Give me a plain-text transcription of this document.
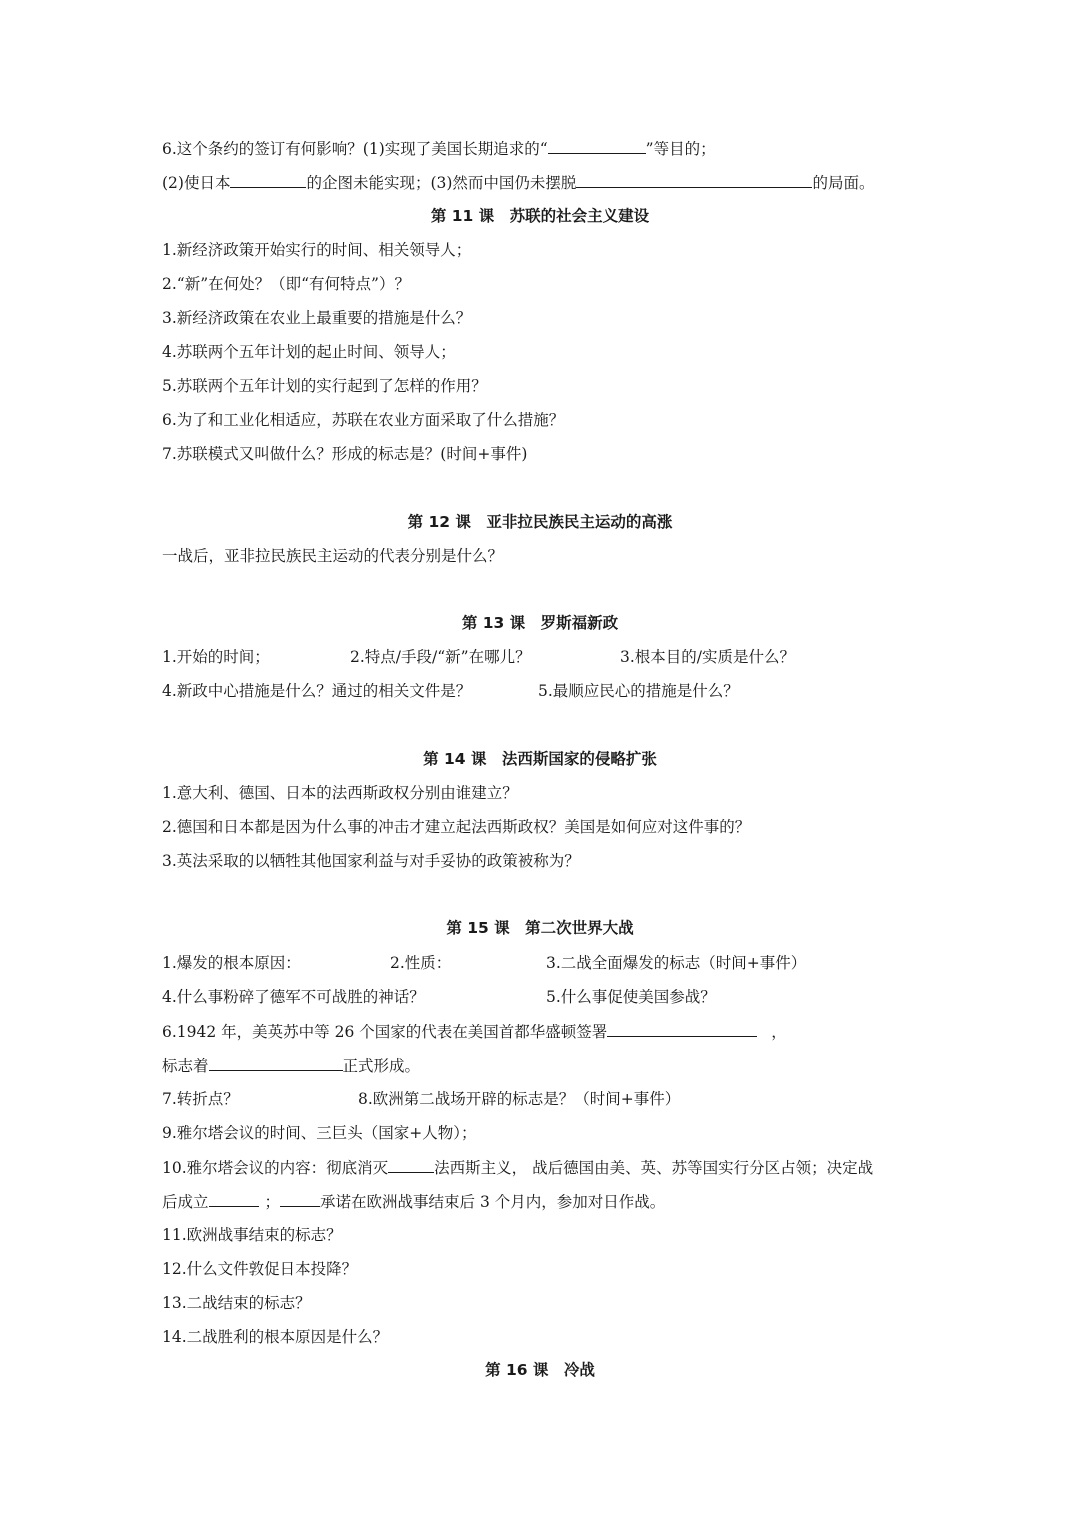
6.这个条约的签订有何影响？(1)实现了美国长期追求的“	”等目的；
(2)使日本	的企图未能实现；(3)然而中国仍未摆脱	的局面。
第 11 课　苏联的社会主义建设
1.新经济政策开始实行的时间、相关领导人；
2.“新”在何处？（即“有何特点”）？
3.新经济政策在农业上最重要的措施是什么？
4.苏联两个五年计划的起止时间、领导人；
5.苏联两个五年计划的实行起到了怎样的作用？
6.为了和工业化相适应，苏联在农业方面采取了什么措施？
7.苏联模式又叫做什么？形成的标志是？(时间+事件)
第 12 课　亚非拉民族民主运动的高涨
一战后，亚非拉民族民主运动的代表分别是什么？
第 13 课　罗斯福新政
1.开始的时间；	2.特点/手段/“新”在哪儿？	3.根本目的/实质是什么？
4.新政中心措施是什么？通过的相关文件是？	5.最顺应民心的措施是什么？
第 14 课　法西斯国家的侵略扩张
1.意大利、德国、日本的法西斯政权分别由谁建立？
2.德国和日本都是因为什么事的冲击才建立起法西斯政权？美国是如何应对这件事的？
3.英法采取的以牺牲其他国家利益与对手妥协的政策被称为？
第 15 课　第二次世界大战
1.爆发的根本原因：	2.性质：	3.二战全面爆发的标志（时间+事件）
4.什么事粉碎了德军不可战胜的神话？	5.什么事促使美国参战？
6.1942 年，美英苏中等 26 个国家的代表在美国首都华盛顿签署	，
标志着	正式形成。
7.转折点？	8.欧洲第二战场开辟的标志是？（时间+事件）
9.雅尔塔会议的时间、三巨头（国家+人物）；
10.雅尔塔会议的内容：彻底消灭	法西斯主义， 战后德国由美、英、苏等国实行分区占领；决定战
后成立	；	承诺在欧洲战事结束后 3 个月内，参加对日作战。
11.欧洲战事结束的标志？
12.什么文件敦促日本投降？
13.二战结束的标志？
14.二战胜利的根本原因是什么？
第 16 课　冷战
